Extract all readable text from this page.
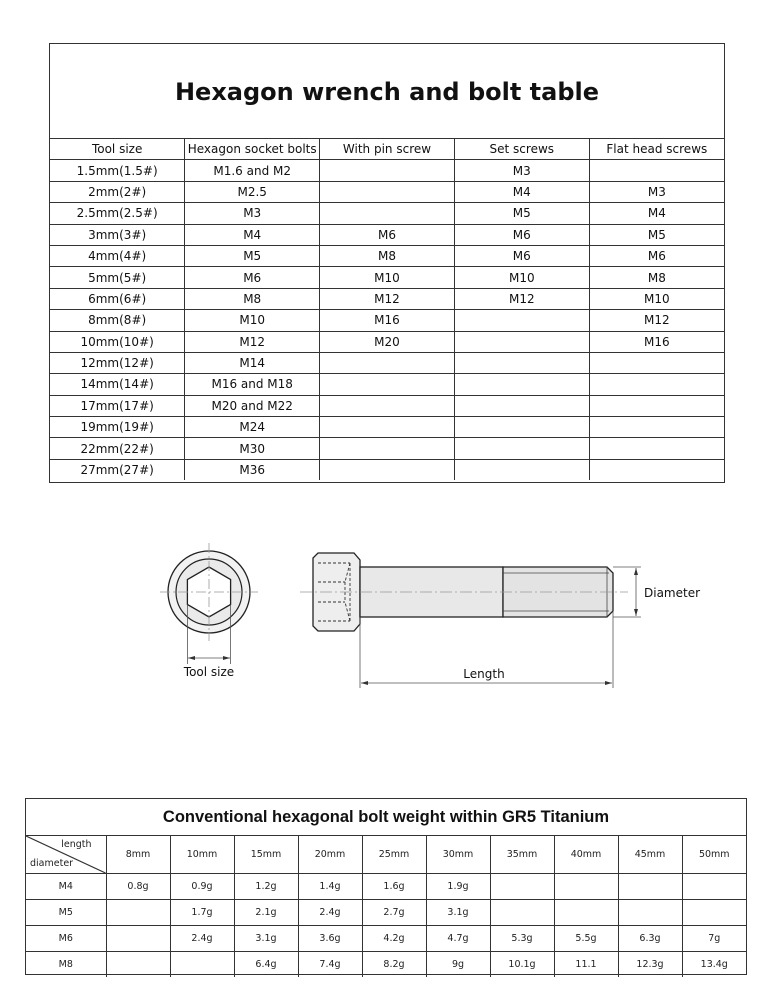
Hexagon wrench and bolt table
Tool size	Hexagon socket bolts	With pin screw	Set screws	Flat head screws
1.5mm(1.5#)	M1.6 and M2		M3	
2mm(2#)	M2.5		M4	M3
2.5mm(2.5#)	M3		M5	M4
3mm(3#)	M4	M6	M6	M5
4mm(4#)	M5	M8	M6	M6
5mm(5#)	M6	M10	M10	M8
6mm(6#)	M8	M12	M12	M10
8mm(8#)	M10	M16		M12
10mm(10#)	M12	M20		M16
12mm(12#)	M14			
14mm(14#)	M16 and M18			
17mm(17#)	M20 and M22			
19mm(19#)	M24			
22mm(22#)	M30			
27mm(27#)	M36			
Tool size
Diameter
Length
Conventional hexagonal bolt weight within GR5 Titanium
length
diameter	8mm	10mm	15mm	20mm	25mm	30mm	35mm	40mm	45mm	50mm
M4	0.8g	0.9g	1.2g	1.4g	1.6g	1.9g				
M5		1.7g	2.1g	2.4g	2.7g	3.1g				
M6		2.4g	3.1g	3.6g	4.2g	4.7g	5.3g	5.5g	6.3g	7g
M8			6.4g	7.4g	8.2g	9g	10.1g	11.1	12.3g	13.4g
